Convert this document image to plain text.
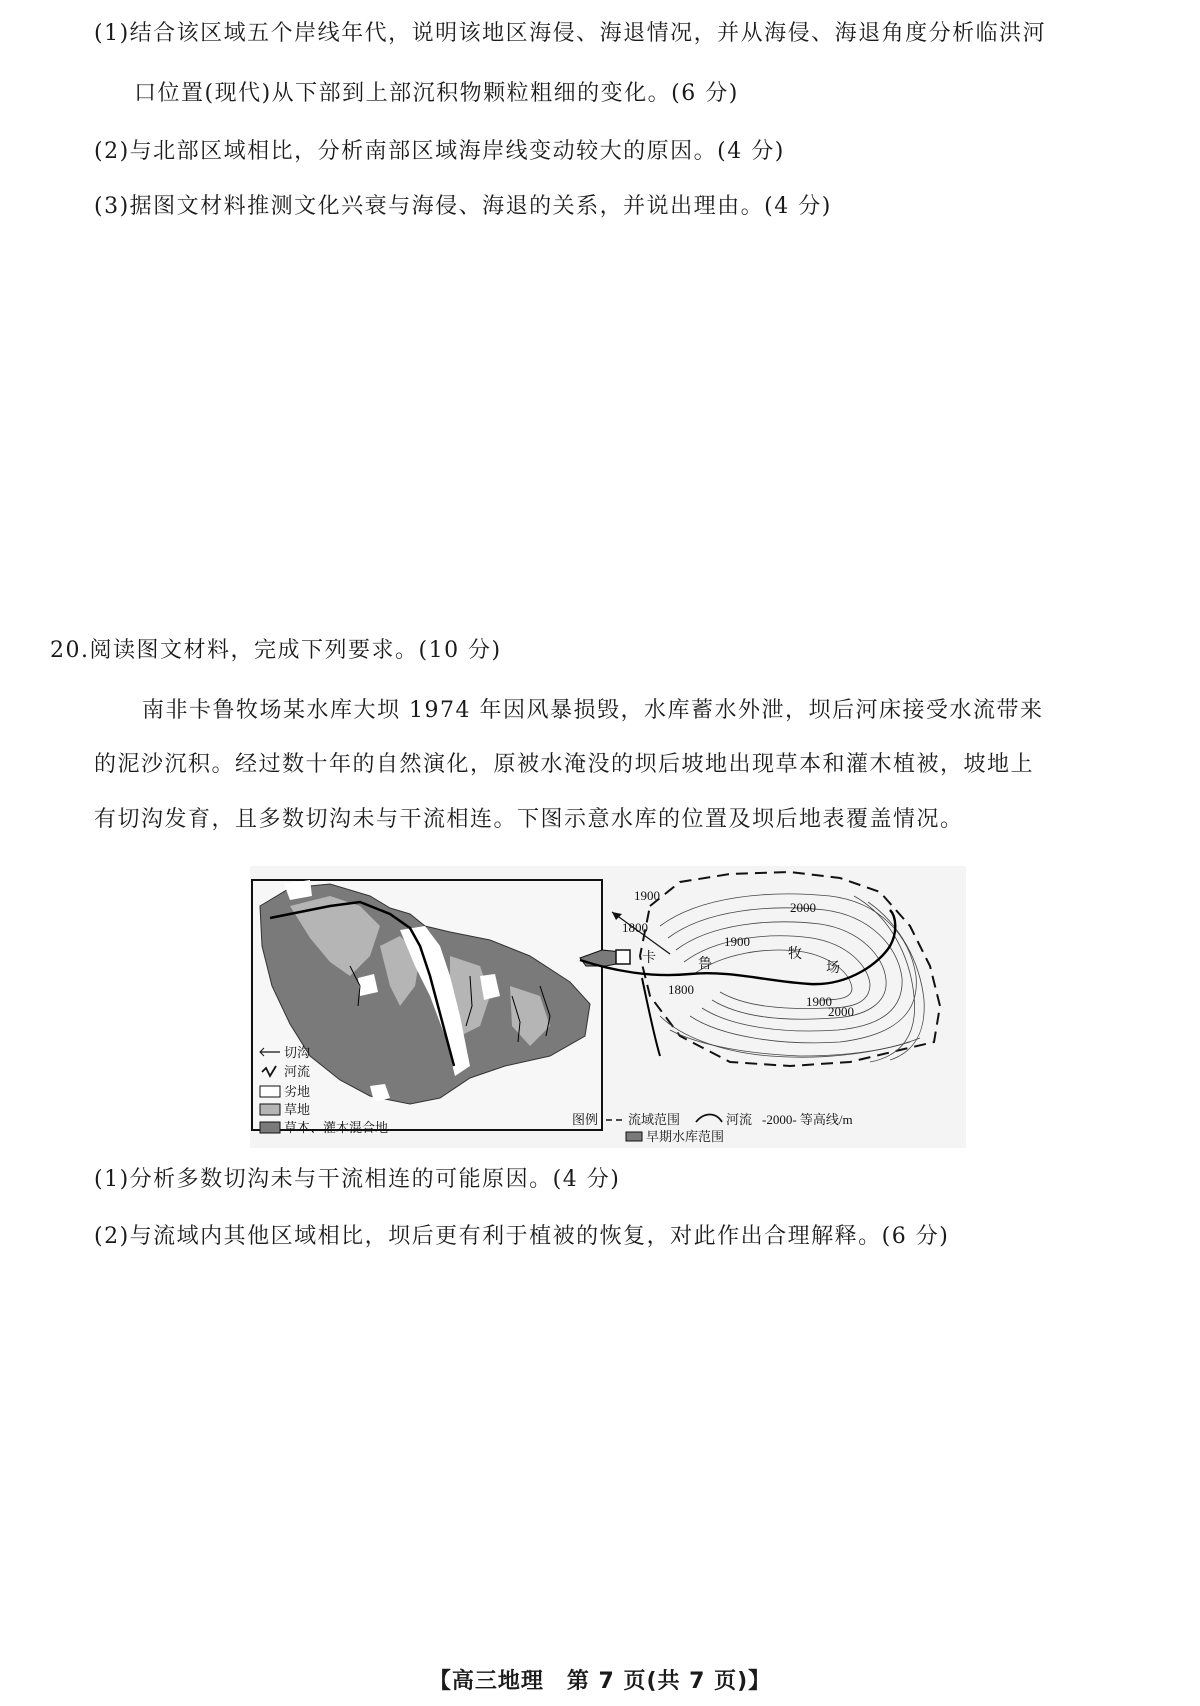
(1)结合该区域五个岸线年代，说明该地区海侵、海退情况，并从海侵、海退角度分析临洪河
口位置(现代)从下部到上部沉积物颗粒粗细的变化。(6 分)
(2)与北部区域相比，分析南部区域海岸线变动较大的原因。(4 分)
(3)据图文材料推测文化兴衰与海侵、海退的关系，并说出理由。(4 分)
20.阅读图文材料，完成下列要求。(10 分)
南非卡鲁牧场某水库大坝 1974 年因风暴损毁，水库蓄水外泄，坝后河床接受水流带来
的泥沙沉积。经过数十年的自然演化，原被水淹没的坝后坡地出现草本和灌木植被，坡地上
有切沟发育，且多数切沟未与干流相连。下图示意水库的位置及坝后地表覆盖情况。
切沟
河流
劣地
草地
草本、灌木混合地
卡	鲁
牧
场
1900
1800
1900
1800
2000
1900
2000
图例 流域范围	河流 -2000- 等高线/m
早期水库范围
(1)分析多数切沟未与干流相连的可能原因。(4 分)
(2)与流域内其他区域相比，坝后更有利于植被的恢复，对此作出合理解释。(6 分)
【高三地理　第 7 页(共 7 页)】
